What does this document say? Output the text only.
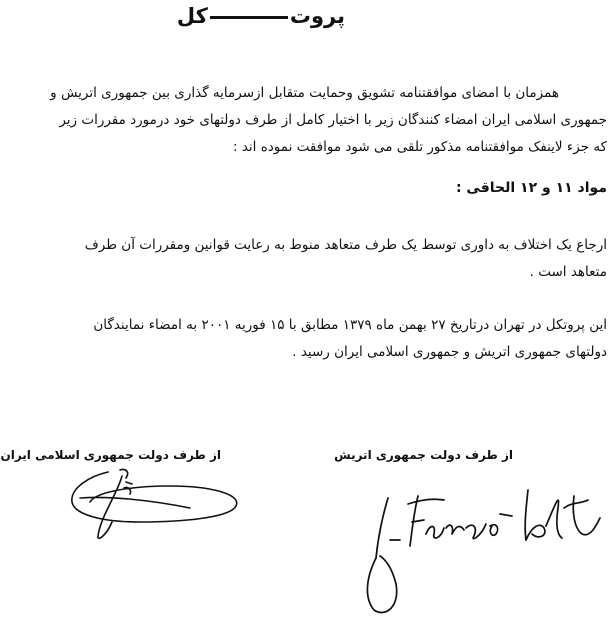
پروتکل
همزمان با امضای موافقتنامه تشویق وحمایت متقابل ازسرمایه گذاری بین جمهوری اتریش و
جمهوری اسلامی ایران امضاء کنندگان زیر با اختیار کامل از طرف دولتهای خود درمورد مقررات زیر
که جزء لاینفک موافقتنامه مذکور تلقی می شود موافقت نموده اند :
مواد ۱۱ و ۱۲ الحاقی :
ارجاع یک اختلاف به داوری توسط یک طرف متعاهد منوط به رعایت قوانین ومقررات آن طرف
متعاهد است .
این پروتکل در تهران درتاریخ ۲۷ بهمن ماه ۱۳۷۹ مطابق با ۱۵ فوریه ۲۰۰۱ به امضاء نمایندگان
دولتهای جمهوری اتریش و جمهوری اسلامی ایران رسید .
از طرف دولت جمهوری اسلامی ایران	از طرف دولت جمهوری اتریش
